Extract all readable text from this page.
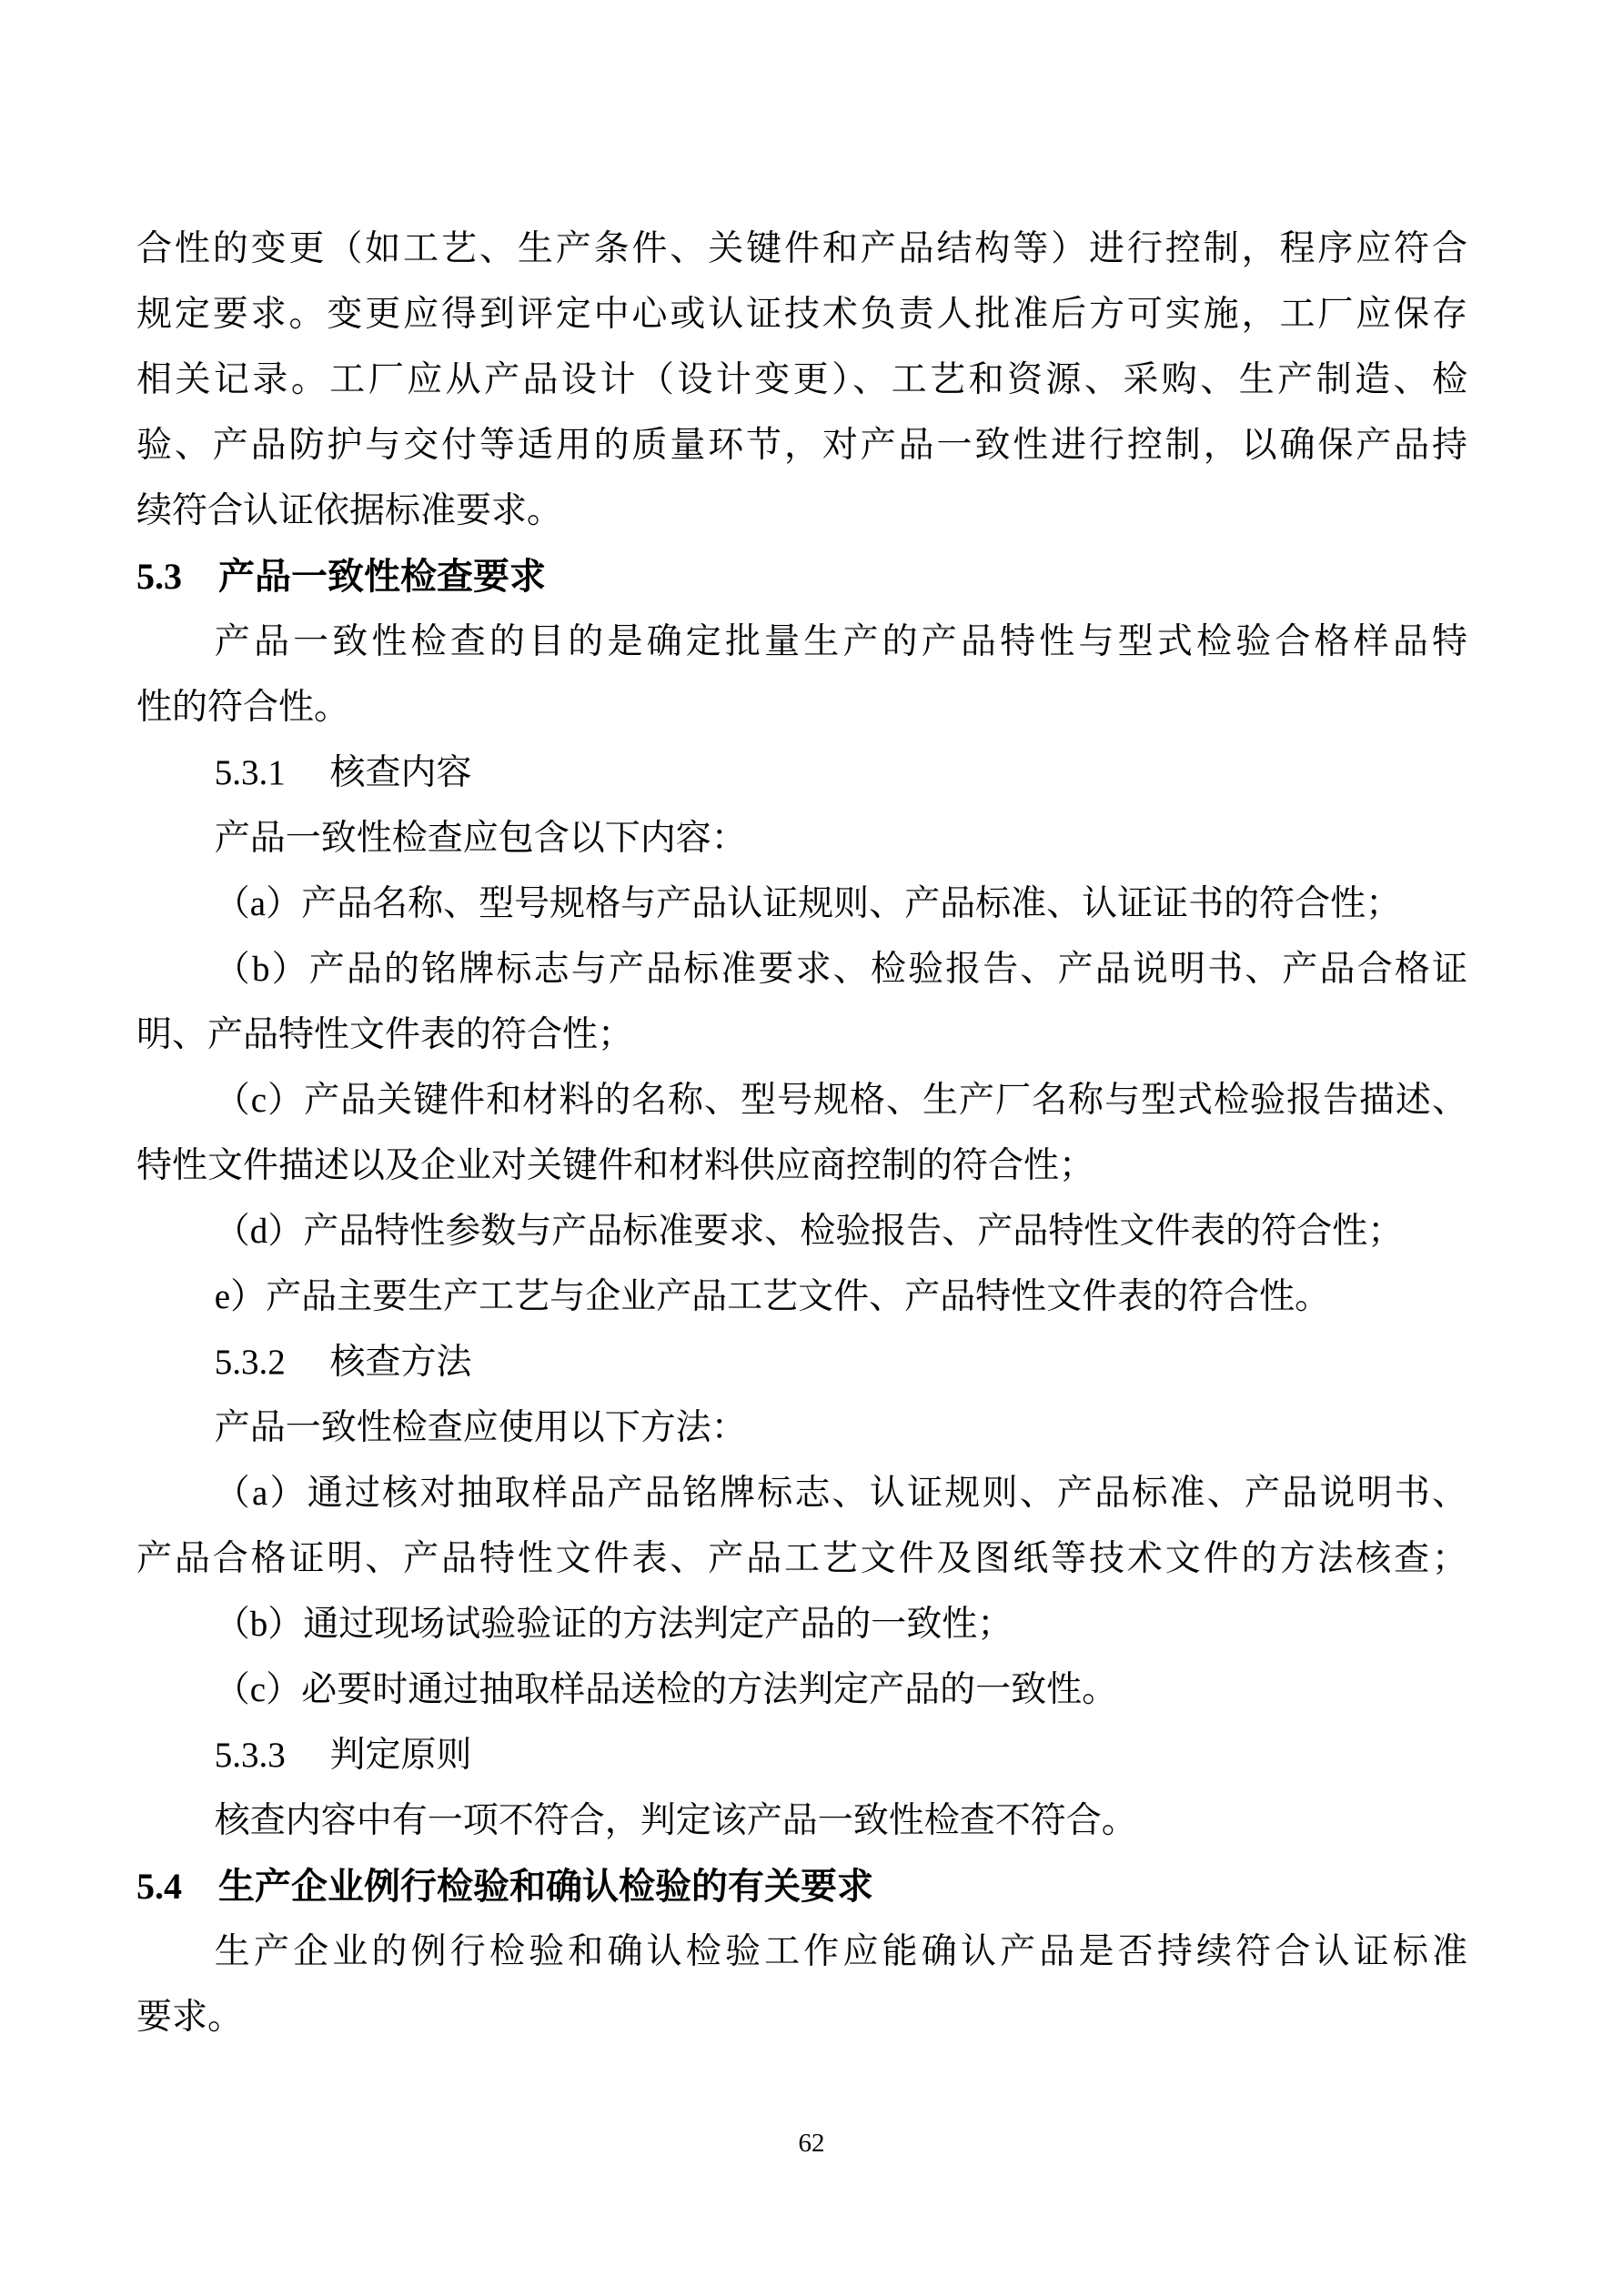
合性的变更（如工艺、生产条件、关键件和产品结构等）进行控制，程序应符合
规定要求。变更应得到评定中心或认证技术负责人批准后方可实施，工厂应保存
相关记录。工厂应从产品设计（设计变更）、工艺和资源、采购、生产制造、检
验、产品防护与交付等适用的质量环节，对产品一致性进行控制，以确保产品持
续符合认证依据标准要求。
5.3　产品一致性检查要求
产品一致性检查的目的是确定批量生产的产品特性与型式检验合格样品特
性的符合性。
5.3.1　 核查内容
产品一致性检查应包含以下内容：
（a）产品名称、型号规格与产品认证规则、产品标准、认证证书的符合性；
（b）产品的铭牌标志与产品标准要求、检验报告、产品说明书、产品合格证
明、产品特性文件表的符合性；
（c）产品关键件和材料的名称、型号规格、生产厂名称与型式检验报告描述、
特性文件描述以及企业对关键件和材料供应商控制的符合性；
（d）产品特性参数与产品标准要求、检验报告、产品特性文件表的符合性；
e）产品主要生产工艺与企业产品工艺文件、产品特性文件表的符合性。
5.3.2　 核查方法
产品一致性检查应使用以下方法：
（a）通过核对抽取样品产品铭牌标志、认证规则、产品标准、产品说明书、
产品合格证明、产品特性文件表、产品工艺文件及图纸等技术文件的方法核查；
（b）通过现场试验验证的方法判定产品的一致性；
（c）必要时通过抽取样品送检的方法判定产品的一致性。
5.3.3　 判定原则
核查内容中有一项不符合，判定该产品一致性检查不符合。
5.4　生产企业例行检验和确认检验的有关要求
生产企业的例行检验和确认检验工作应能确认产品是否持续符合认证标准
要求。
62
